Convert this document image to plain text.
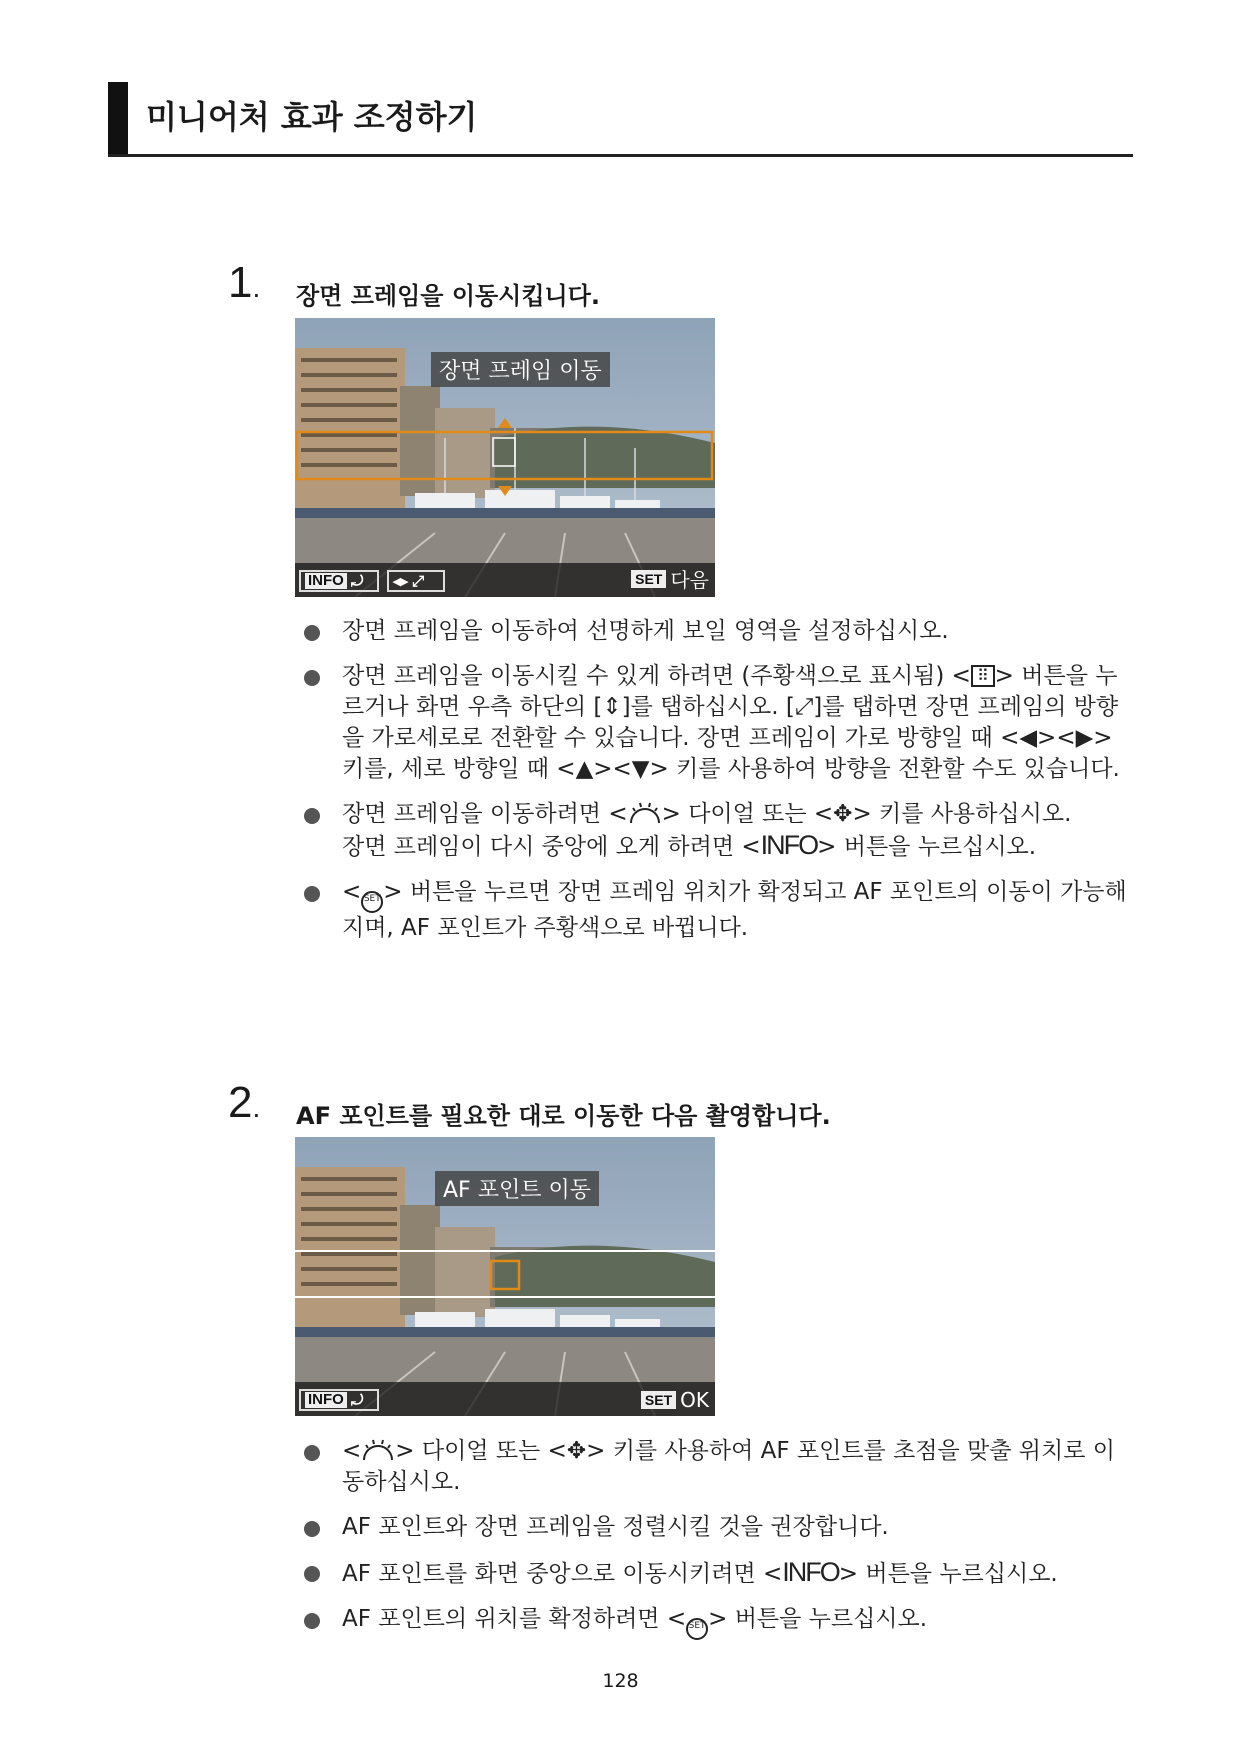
미니어처 효과 조정하기
1. 장면 프레임을 이동시킵니다.
장면 프레임 이동
INFO ⤾ ◂▸ ⤢	SET 다음

장면 프레임을 이동하여 선명하게 보일 영역을 설정하십시오.

장면 프레임을 이동시킬 수 있게 하려면 (주황색으로 표시됨) < ⠿ > 버튼을 누르거나 화면 우측 하단의 [⇕]를 탭하십시오. [⤢]를 탭하면 장면 프레임의 방향을 가로세로로 전환할 수 있습니다. 장면 프레임이 가로 방향일 때 <◀><▶> 키를, 세로 방향일 때 <▲><▼> 키를 사용하여 방향을 전환할 수도 있습니다.

장면 프레임을 이동하려면 < > 다이얼 또는 <✥> 키를 사용하십시오.

장면 프레임이 다시 중앙에 오게 하려면 <INFO> 버튼을 누르십시오.

< SET > 버튼을 누르면 장면 프레임 위치가 확정되고 AF 포인트의 이동이 가능해지며, AF 포인트가 주황색으로 바뀝니다.

2. AF 포인트를 필요한 대로 이동한 다음 촬영합니다.
AF 포인트 이동
INFO ⤾	SET OK

< > 다이얼 또는 <✥> 키를 사용하여 AF 포인트를 초점을 맞출 위치로 이동하십시오.

AF 포인트와 장면 프레임을 정렬시킬 것을 권장합니다.

AF 포인트를 화면 중앙으로 이동시키려면 <INFO> 버튼을 누르십시오.

AF 포인트의 위치를 확정하려면 < SET > 버튼을 누르십시오.

128
